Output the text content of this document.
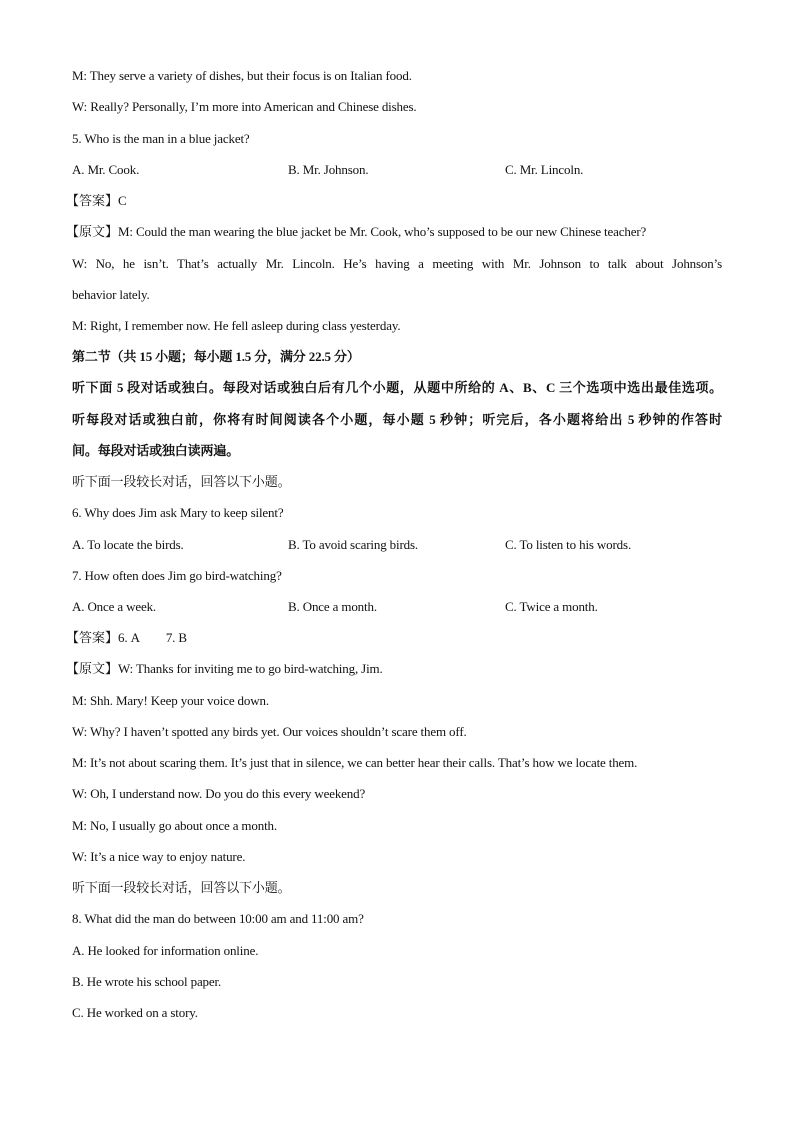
M: They serve a variety of dishes, but their focus is on Italian food.
W: Really? Personally, I’m more into American and Chinese dishes.
5. Who is the man in a blue jacket?
A. Mr. Cook.	B. Mr. Johnson.	C. Mr. Lincoln.
【答案】C
【原文】M: Could the man wearing the blue jacket be Mr. Cook, who’s supposed to be our new Chinese teacher?
W: No, he isn’t. That’s actually Mr. Lincoln. He’s having a meeting with Mr. Johnson to talk about Johnson’s
behavior lately.
M: Right, I remember now. He fell asleep during class yesterday.
第二节（共 15 小题；每小题 1.5 分，满分 22.5 分）
听下面 5 段对话或独白。每段对话或独白后有几个小题，从题中所给的 A、B、C 三个选项中选出最佳选项。
听每段对话或独白前，你将有时间阅读各个小题，每小题 5 秒钟；听完后，各小题将给出 5 秒钟的作答时
间。每段对话或独白读两遍。
听下面一段较长对话，回答以下小题。
6. Why does Jim ask Mary to keep silent?
A. To locate the birds.	B. To avoid scaring birds.	C. To listen to his words.
7. How often does Jim go bird-watching?
A. Once a week.	B. Once a month.	C. Twice a month.
【答案】6. A 7. B
【原文】W: Thanks for inviting me to go bird-watching, Jim.
M: Shh. Mary! Keep your voice down.
W: Why? I haven’t spotted any birds yet. Our voices shouldn’t scare them off.
M: It’s not about scaring them. It’s just that in silence, we can better hear their calls. That’s how we locate them.
W: Oh, I understand now. Do you do this every weekend?
M: No, I usually go about once a month.
W: It’s a nice way to enjoy nature.
听下面一段较长对话，回答以下小题。
8. What did the man do between 10:00 am and 11:00 am?
A. He looked for information online.
B. He wrote his school paper.
C. He worked on a story.
